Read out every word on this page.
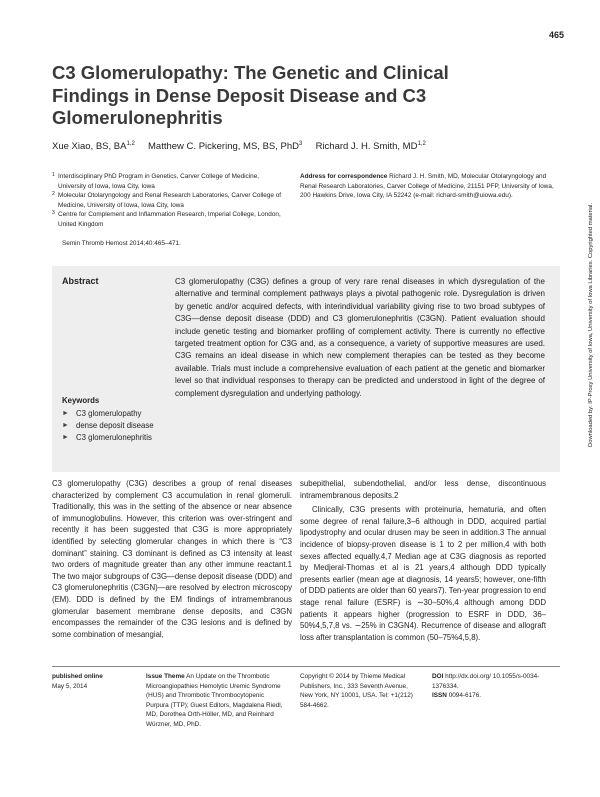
465
C3 Glomerulopathy: The Genetic and Clinical Findings in Dense Deposit Disease and C3 Glomerulonephritis
Xue Xiao, BS, BA$^{1,2}$ Matthew C. Pickering, MS, BS, PhD$^3$ Richard J. H. Smith, MD$^{1,2}$
1 Interdisciplinary PhD Program in Genetics, Carver College of Medicine, University of Iowa, Iowa City, Iowa
2 Molecular Otolaryngology and Renal Research Laboratories, Carver College of Medicine, University of Iowa, Iowa City, Iowa
3 Centre for Complement and Inflammation Research, Imperial College, London, United Kingdom
Address for correspondence Richard J. H. Smith, MD, Molecular Otolaryngology and Renal Research Laboratories, Carver College of Medicine, 21151 PFP, University of Iowa, 200 Hawkins Drive, Iowa City, IA 52242 (e-mail: richard-smith@uiowa.edu).
Semin Thromb Hemost 2014;40:465–471.
Abstract	C3 glomerulopathy (C3G) defines a group of very rare renal diseases in which dysregulation of the alternative and terminal complement pathways plays a pivotal pathogenic role. Dysregulation is driven by genetic and/or acquired defects, with interindividual variability giving rise to two broad subtypes of C3G—dense deposit disease (DDD) and C3 glomerulonephritis (C3GN). Patient evaluation should include genetic testing and biomarker profiling of complement activity. There is currently no effective targeted treatment option for C3G and, as a consequence, a variety of supportive measures are used. C3G remains an ideal disease in which new complement therapies can be tested as they become available. Trials must include a comprehensive evaluation of each patient at the genetic and biomarker level so that individual responses to therapy can be predicted and understood in light of the degree of complement dysregulation and underlying pathology.
Keywords
► C3 glomerulopathy
► dense deposit disease
► C3 glomerulonephritis
C3 glomerulopathy (C3G) describes a group of renal diseases characterized by complement C3 accumulation in renal glomeruli. Traditionally, this was in the setting of the absence or near absence of immunoglobulins. However, this criterion was over-stringent and recently it has been suggested that C3G is more appropriately identified by selecting glomerular changes in which there is “C3 dominant” staining. C3 dominant is defined as C3 intensity at least two orders of magnitude greater than any other immune reactant.1 The two major subgroups of C3G—dense deposit disease (DDD) and C3 glomerulonephritis (C3GN)—are resolved by electron microscopy (EM). DDD is defined by the EM findings of intramembranous glomerular basement membrane dense deposits, and C3GN encompasses the remainder of the C3G lesions and is defined by some combination of mesangial,

subepithelial, subendothelial, and/or less dense, discontinuous intramembranous deposits.2

Clinically, C3G presents with proteinuria, hematuria, and often some degree of renal failure,3–6 although in DDD, acquired partial lipodystrophy and ocular drusen may be seen in addition.3 The annual incidence of biopsy-proven disease is 1 to 2 per million,4 with both sexes affected equally.4,7 Median age at C3G diagnosis as reported by Medjeral-Thomas et al is 21 years,4 although DDD typically presents earlier (mean age at diagnosis, 14 years5; however, one-fifth of DDD patients are older than 60 years7). Ten-year progression to end stage renal failure (ESRF) is ∼30–50%,4 although among DDD patients it appears higher (progression to ESRF in DDD, 36–50%4,5,7,8 vs. ∼25% in C3GN4). Recurrence of disease and allograft loss after transplantation is common (50–75%4,5,8).

published online
May 5, 2014
Issue Theme An Update on the Thrombotic Microangiopathies Hemolytic Uremic Syndrome (HUS) and Thrombotic Thrombocytopenic Purpura (TTP); Guest Editors, Magdalena Riedl, MD, Dorothea Orth-Höller, MD, and Reinhard Würzner, MD, PhD.
Copyright © 2014 by Thieme Medical Publishers, Inc., 333 Seventh Avenue, New York, NY 10001, USA. Tel: +1(212) 584-4662.
DOI http://dx.doi.org/ 10.1055/s-0034-1376334.
ISSN 0094-6176.
Downloaded by: IP-Proxy University of Iowa, University of Iowa Libraries. Copyrighted material.
